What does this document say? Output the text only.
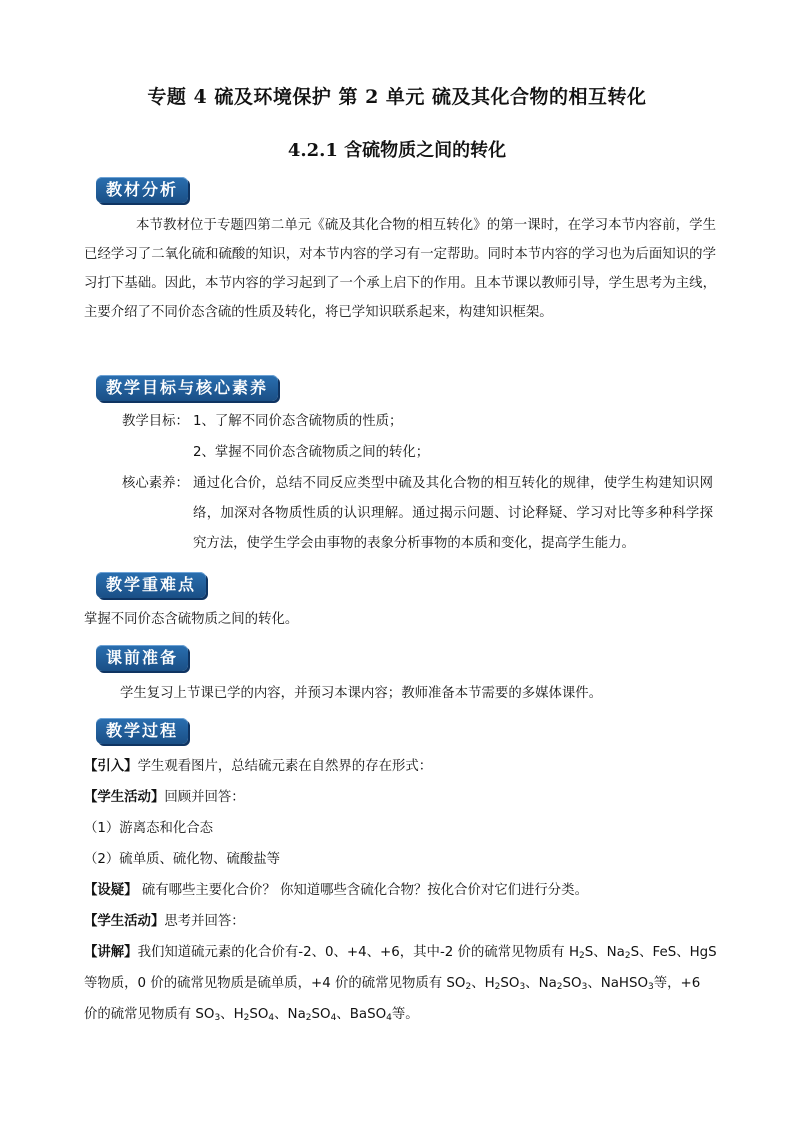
专题 4 硫及环境保护 第 2 单元 硫及其化合物的相互转化
4.2.1 含硫物质之间的转化
教材分析
本节教材位于专题四第二单元《硫及其化合物的相互转化》的第一课时，在学习本节内容前，学生已经学习了二氧化硫和硫酸的知识，对本节内容的学习有一定帮助。同时本节内容的学习也为后面知识的学习打下基础。因此，本节内容的学习起到了一个承上启下的作用。且本节课以教师引导，学生思考为主线，主要介绍了不同价态含硫的性质及转化，将已学知识联系起来，构建知识框架。
教学目标与核心素养
教学目标： 1、了解不同价态含硫物质的性质；
2、掌握不同价态含硫物质之间的转化；
核心素养： 通过化合价，总结不同反应类型中硫及其化合物的相互转化的规律，使学生构建知识网络，加深对各物质性质的认识理解。通过揭示问题、讨论释疑、学习对比等多种科学探究方法，使学生学会由事物的表象分析事物的本质和变化，提高学生能力。
教学重难点
掌握不同价态含硫物质之间的转化。
课前准备
学生复习上节课已学的内容，并预习本课内容；教师准备本节需要的多媒体课件。
教学过程
【引入】学生观看图片，总结硫元素在自然界的存在形式：
【学生活动】回顾并回答：
（1）游离态和化合态
（2）硫单质、硫化物、硫酸盐等
【设疑】 硫有哪些主要化合价？ 你知道哪些含硫化合物？按化合价对它们进行分类。
【学生活动】思考并回答：
【讲解】我们知道硫元素的化合价有-2、0、+4、+6，其中-2 价的硫常见物质有 $H_2S$、$Na_2S$、FeS、HgS
等物质，0 价的硫常见物质是硫单质，+4 价的硫常见物质有 $SO_2$、$H_2SO_3$、$Na_2SO_3$、NaHSO$_3$等，+6
价的硫常见物质有 $SO_3$、$H_2SO_4$、$Na_2SO_4$、BaSO$_4$等。
